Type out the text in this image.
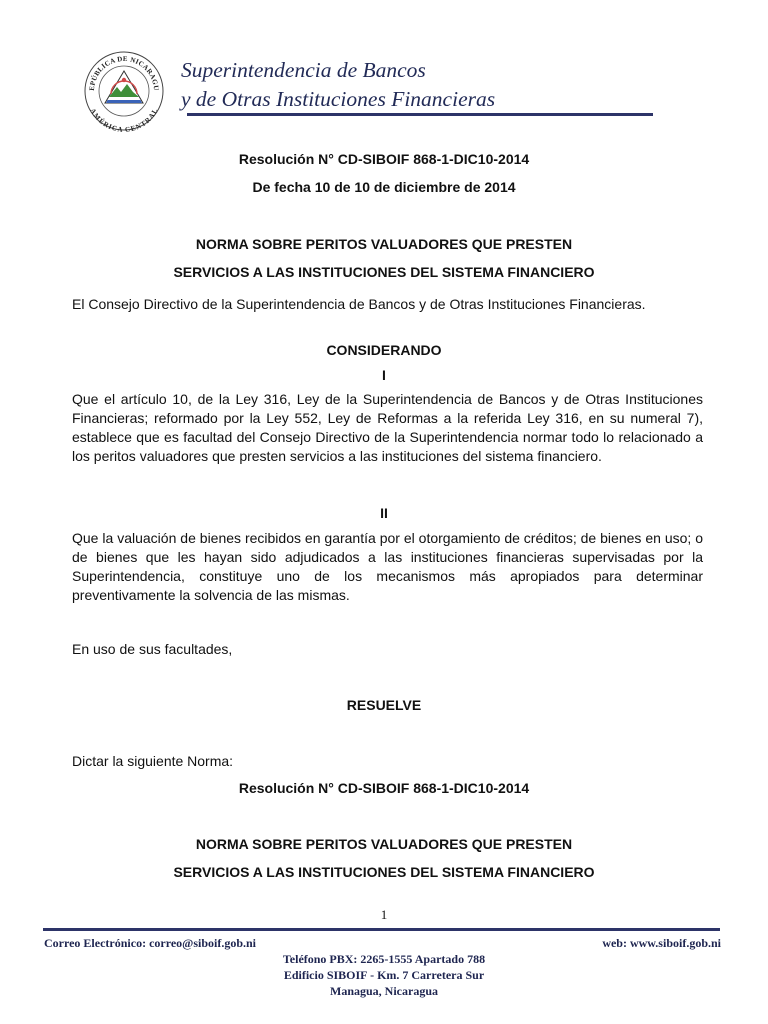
EPÚBLICA DE NICARAGU
AMÉRICA CENTRAL
Superintendencia de Bancos
y de Otras Instituciones Financieras
Resolución N° CD-SIBOIF 868-1-DIC10-2014
De fecha 10 de 10 de diciembre de 2014
NORMA SOBRE PERITOS VALUADORES QUE PRESTEN
SERVICIOS A LAS INSTITUCIONES DEL SISTEMA FINANCIERO

El Consejo Directivo de la Superintendencia de Bancos y de Otras Instituciones Financieras.

CONSIDERANDO
I

Que el artículo 10, de la Ley 316, Ley de la Superintendencia de Bancos y de Otras Instituciones Financieras; reformado por la Ley 552, Ley de Reformas a la referida Ley 316, en su numeral 7), establece que es facultad del Consejo Directivo de la Superintendencia normar todo lo relacionado a los peritos valuadores que presten servicios a las instituciones del sistema financiero.

II

Que la valuación de bienes recibidos en garantía por el otorgamiento de créditos; de bienes en uso; o de bienes que les hayan sido adjudicados a las instituciones financieras supervisadas por la Superintendencia, constituye uno de los mecanismos más apropiados para determinar preventivamente la solvencia de las mismas.

En uso de sus facultades,

RESUELVE

Dictar la siguiente Norma:

Resolución N° CD-SIBOIF 868-1-DIC10-2014
NORMA SOBRE PERITOS VALUADORES QUE PRESTEN
SERVICIOS A LAS INSTITUCIONES DEL SISTEMA FINANCIERO
1
Correo Electrónico: correo@siboif.gob.ni	web: www.siboif.gob.ni
Teléfono PBX: 2265-1555 Apartado 788
Edificio SIBOIF - Km. 7 Carretera Sur
Managua, Nicaragua
